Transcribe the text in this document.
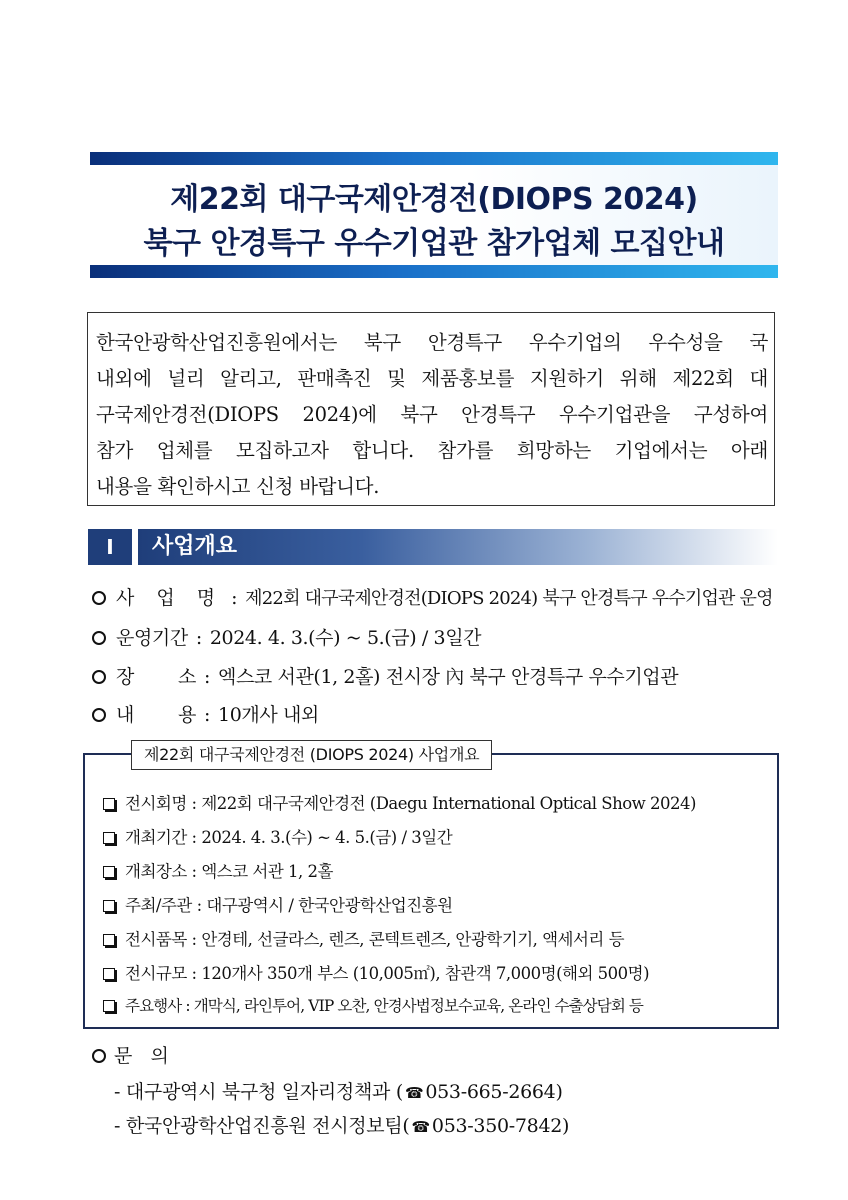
제22회 대구국제안경전(DIOPS 2024)
북구 안경특구 우수기업관 참가업체 모집안내
한국안광학산업진흥원에서는 북구 안경특구 우수기업의 우수성을 국
내외에 널리 알리고, 판매촉진 및 제품홍보를 지원하기 위해 제22회 대
구국제안경전(DIOPS 2024)에 북구 안경특구 우수기업관을 구성하여
참가 업체를 모집하고자 합니다. 참가를 희망하는 기업에서는 아래
내용을 확인하시고 신청 바랍니다.
Ⅰ	사업개요
사 업 명 : 제22회 대구국제안경전(DIOPS 2024) 북구 안경특구 우수기업관 운영
운영기간 : 2024. 4. 3.(수) ~ 5.(금) / 3일간
장 소 : 엑스코 서관(1, 2홀) 전시장 內 북구 안경특구 우수기업관
내 용 : 10개사 내외
제22회 대구국제안경전 (DIOPS 2024) 사업개요
전시회명 : 제22회 대구국제안경전 (Daegu International Optical Show 2024)
개최기간 : 2024. 4. 3.(수) ~ 4. 5.(금) / 3일간
개최장소 : 엑스코 서관 1, 2홀
주최/주관 : 대구광역시 / 한국안광학산업진흥원
전시품목 : 안경테, 선글라스, 렌즈, 콘텍트렌즈, 안광학기기, 액세서리 등
전시규모 : 120개사 350개 부스 (10,005㎡), 참관객 7,000명(해외 500명)
주요행사 : 개막식, 라인투어, VIP 오찬, 안경사법정보수교육, 온라인 수출상담회 등
문   의
- 대구광역시 북구청 일자리정책과 ( ☎ 053-665-2664)
- 한국안광학산업진흥원 전시정보팀( ☎ 053-350-7842)
